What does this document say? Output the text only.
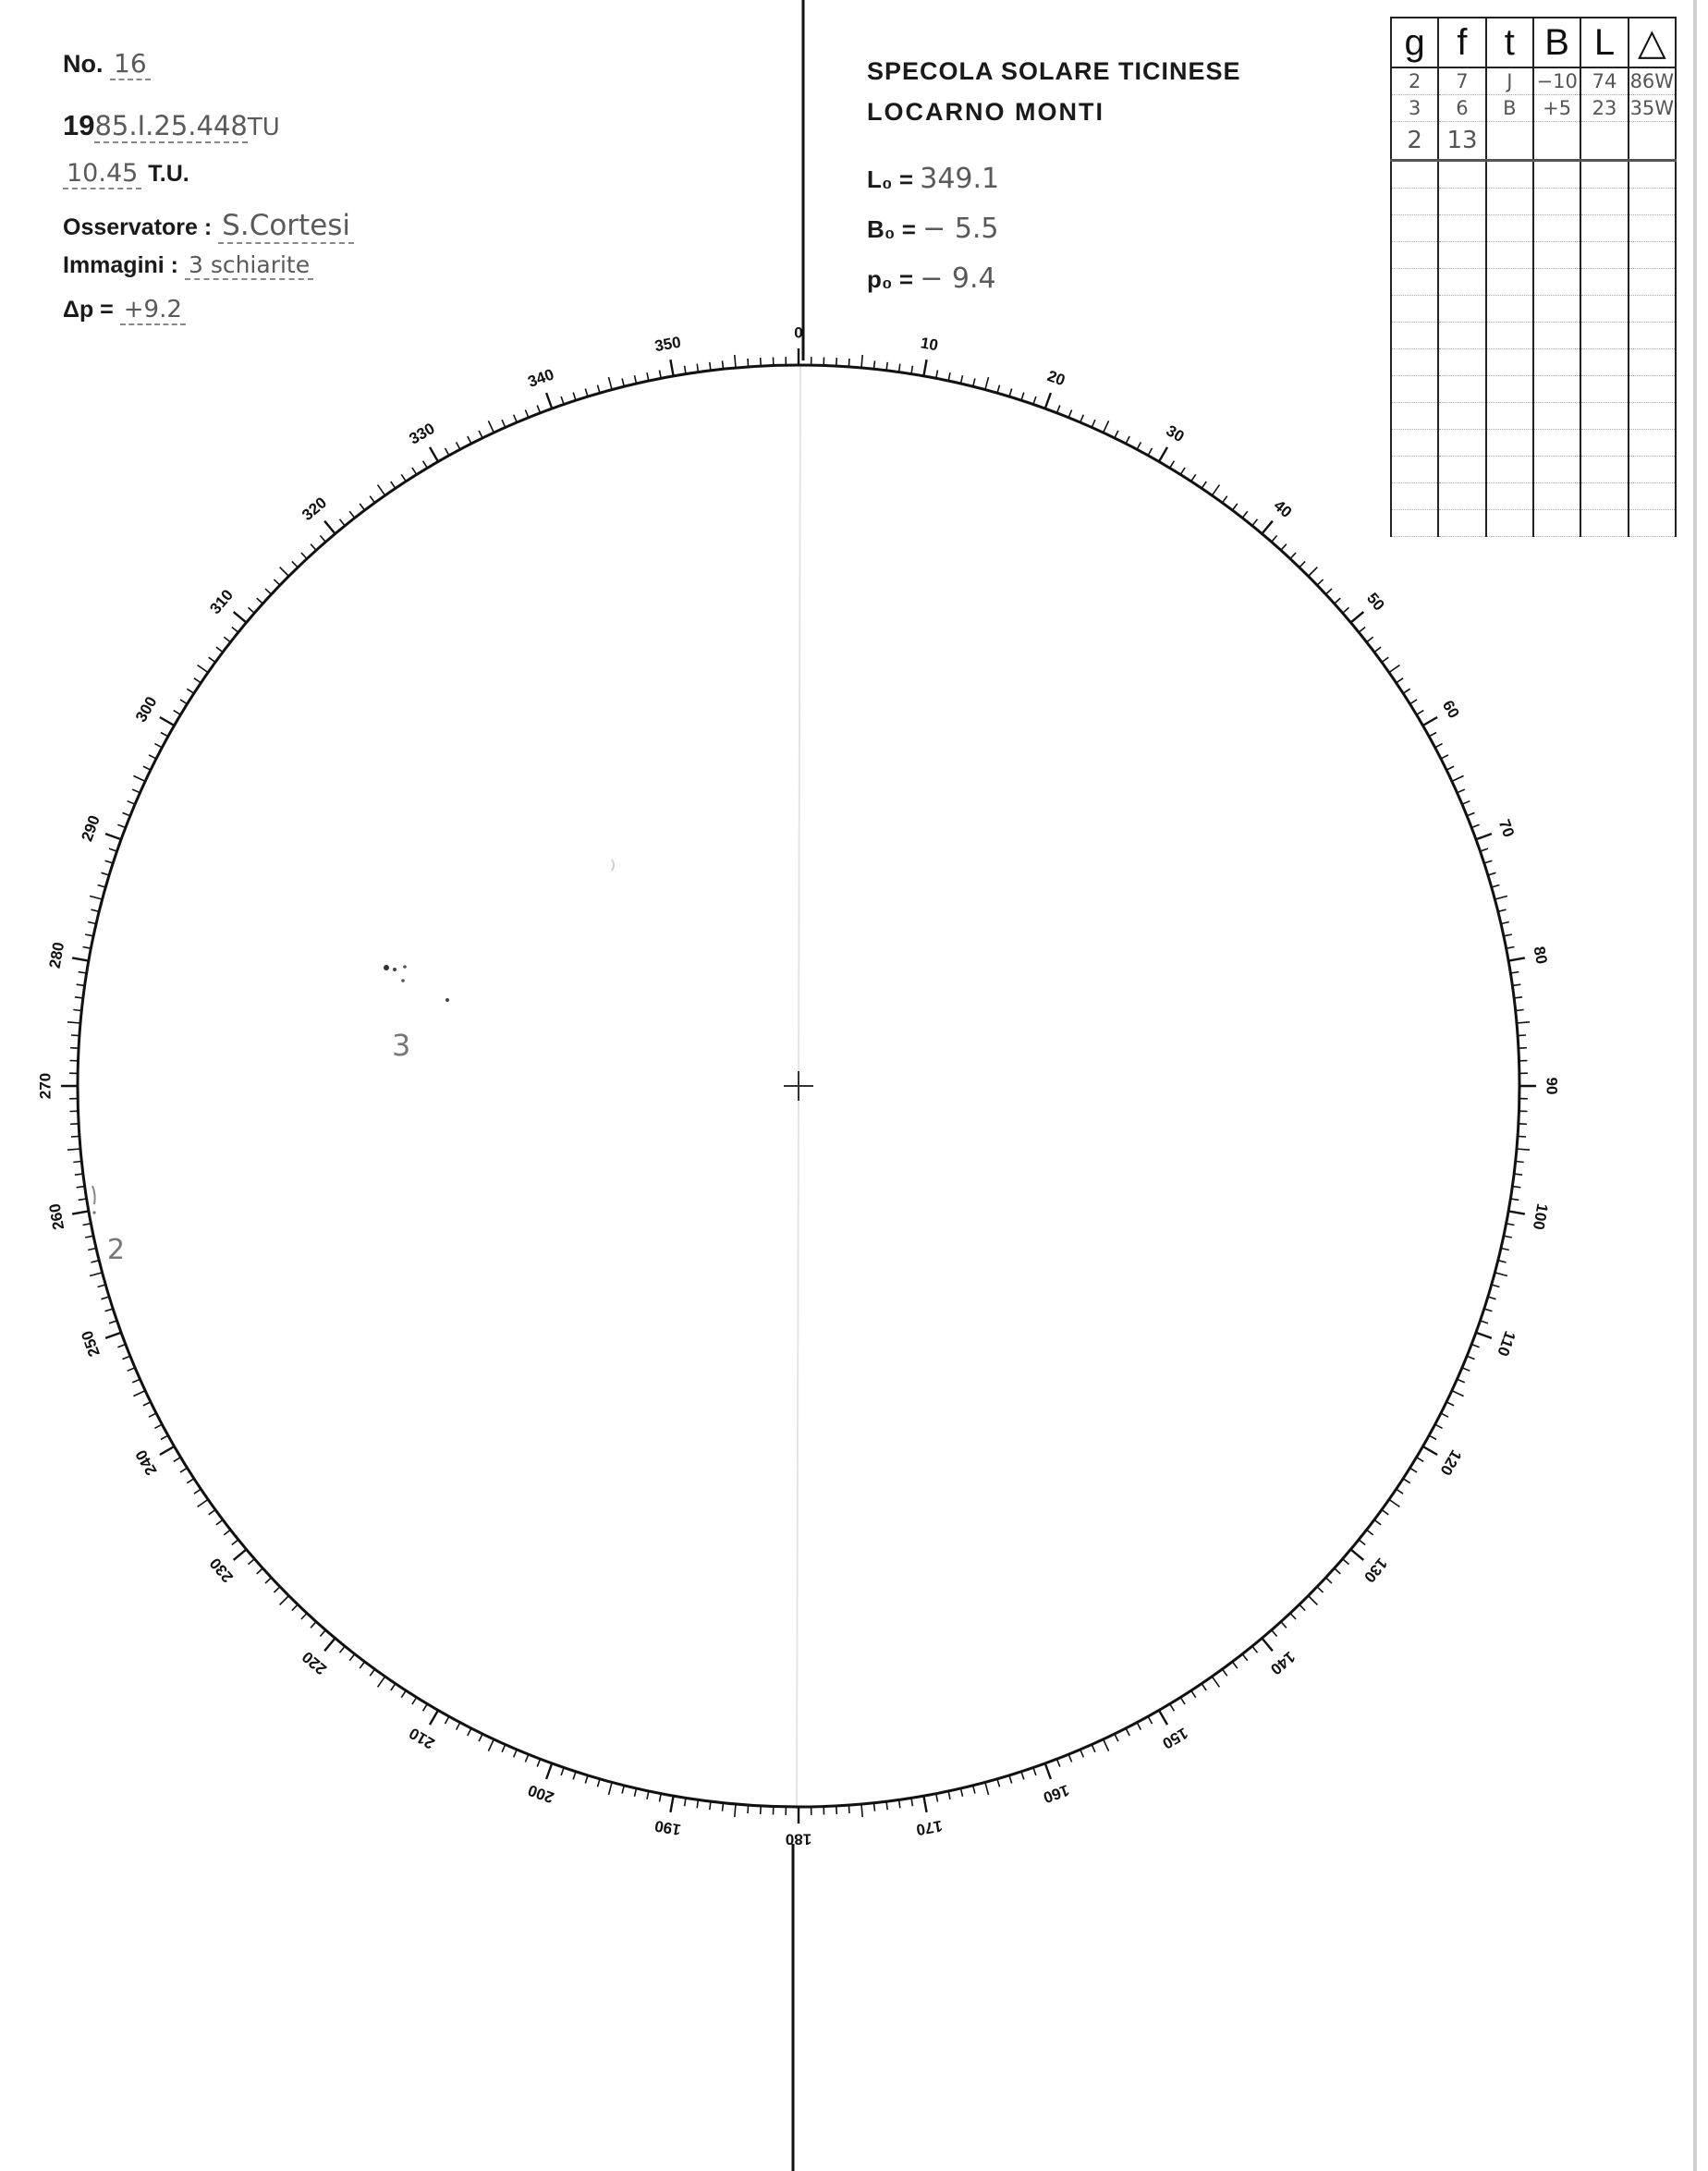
No. 16
1985.I.25.448TU
10.45 T.U.
Osservatore : S.Cortesi
Immagini : 3 schiarite
Δp = +9.2
SPECOLA SOLARE TICINESE
LOCARNO MONTI
L₀ = 349.1
B₀ = − 5.5
p₀ = − 9.4
g	f	t	B	L	△
2	7	J	−10	74	86W
3	6	B	+5	23	35W
2	13				

0
10
20
30
40
50
60
70
80
90
100
110
120
130
140
150
160
170
180
190
200
210
220
230
240
250
260
270
280
290
300
310
320
330
340
350
3
2
